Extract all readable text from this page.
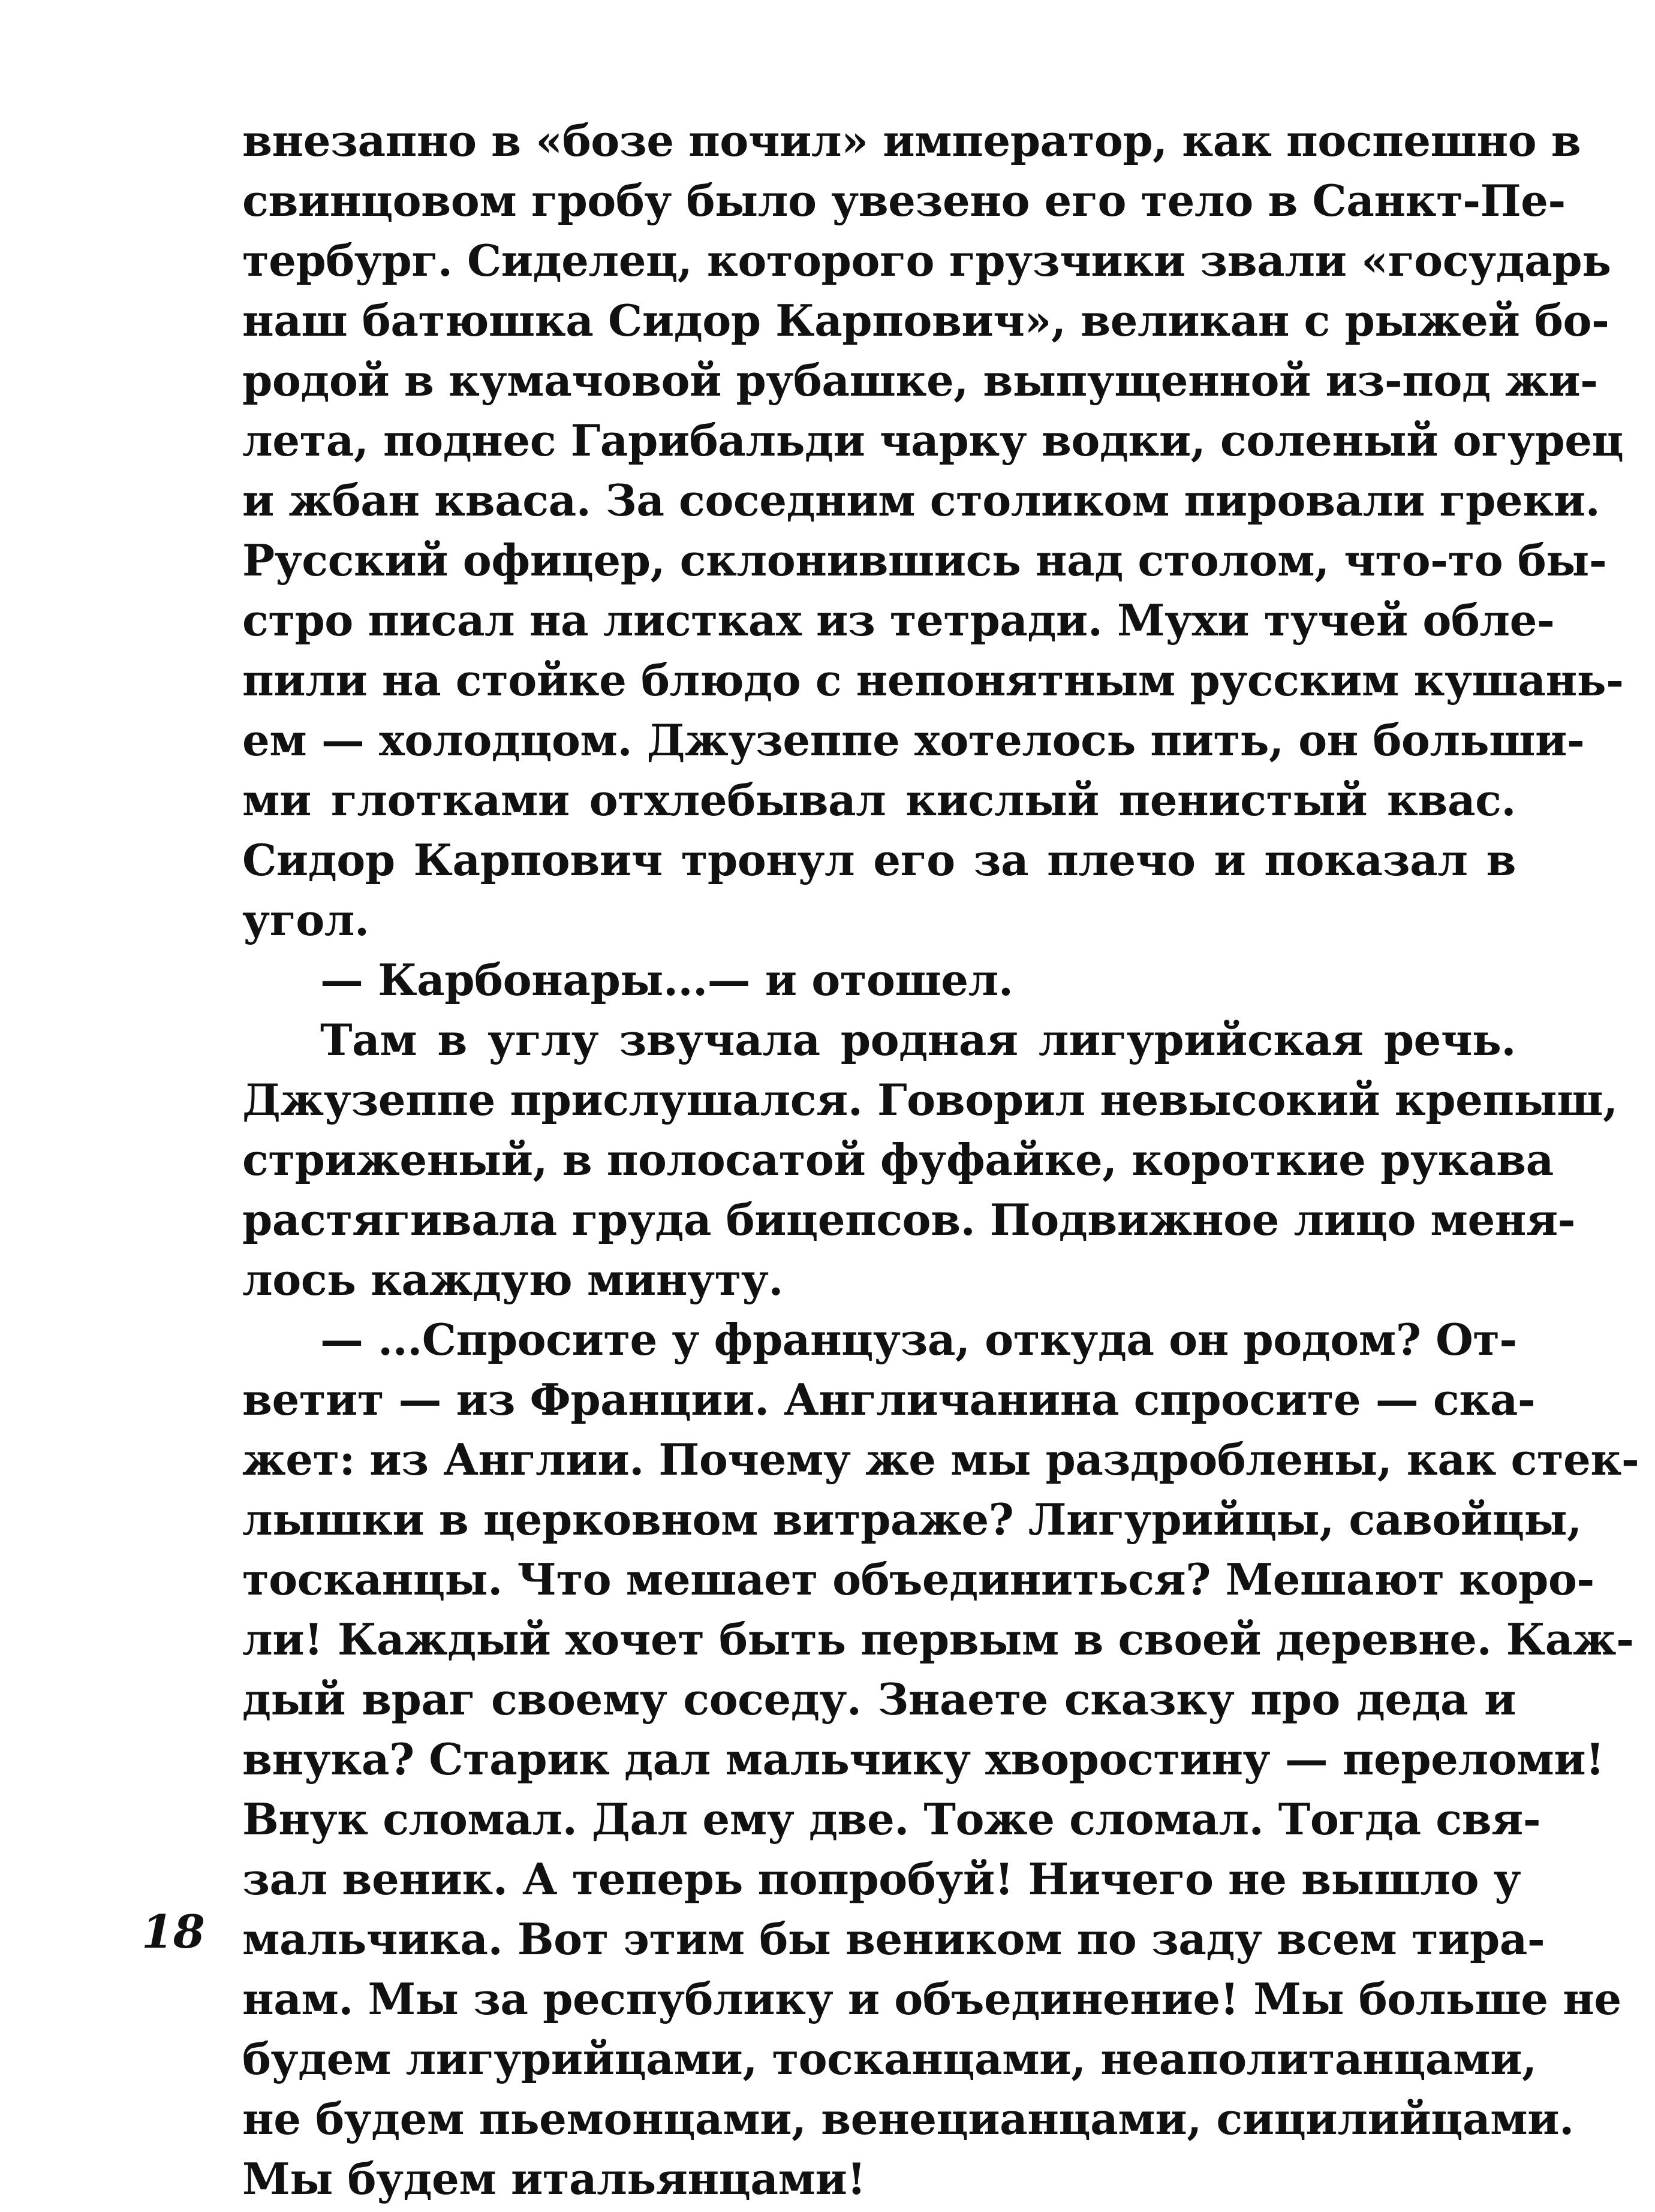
внезапно в «бозе почил» император, как поспешно в
свинцовом гробу было увезено его тело в Санкт-Пе-
тербург. Сиделец, которого грузчики звали «государь
наш батюшка Сидор Карпович», великан с рыжей бо-
родой в кумачовой рубашке, выпущенной из-под жи-
лета, поднес Гарибальди чарку водки, соленый огурец
и жбан кваса. За соседним столиком пировали греки.
Русский офицер, склонившись над столом, что-то бы-
стро писал на листках из тетради. Мухи тучей обле-
пили на стойке блюдо с непонятным русским кушань-
ем — холодцом. Джузеппе хотелось пить, он больши-
ми глотками отхлебывал кислый пенистый квас.
Сидор Карпович тронул его за плечо и показал в
угол.
— Карбонары...— и отошел.
Там в углу звучала родная лигурийская речь.
Джузеппе прислушался. Говорил невысокий крепыш,
стриженый, в полосатой фуфайке, короткие рукава
растягивала груда бицепсов. Подвижное лицо меня-
лось каждую минуту.
— ...Спросите у француза, откуда он родом? От-
ветит — из Франции. Англичанина спросите — ска-
жет: из Англии. Почему же мы раздроблены, как стек-
лышки в церковном витраже? Лигурийцы, савойцы,
тосканцы. Что мешает объединиться? Мешают коро-
ли! Каждый хочет быть первым в своей деревне. Каж-
дый враг своему соседу. Знаете сказку про деда и
внука? Старик дал мальчику хворостину — переломи!
Внук сломал. Дал ему две. Тоже сломал. Тогда свя-
зал веник. А теперь попробуй! Ничего не вышло у
мальчика. Вот этим бы веником по заду всем тира-
нам. Мы за республику и объединение! Мы больше не
будем лигурийцами, тосканцами, неаполитанцами,
не будем пьемонцами, венецианцами, сицилийцами.
Мы будем итальянцами!
18
